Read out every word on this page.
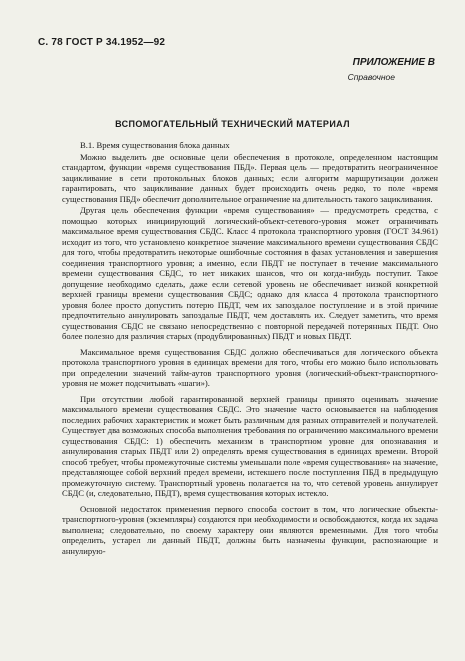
С. 78 ГОСТ Р 34.1952—92
ПРИЛОЖЕНИЕ В
Справочное
ВСПОМОГАТЕЛЬНЫЙ ТЕХНИЧЕСКИЙ МАТЕРИАЛ

В.1. Время существования блока данных

Можно выделить две основные цели обеспечения в протоколе, определенном настоящим стандартом, функции «время существования ПБД». Первая цель — предотвратить неограниченное зацикливание в сети протокольных блоков данных; если алгоритм маршрутизации должен гарантировать, что зацикливание данных будет происходить очень редко, то поле «время существования ПБД» обеспечит дополнительное ограничение на длительность такого зацикливания.

Другая цель обеспечения функции «время существования» — предусмотреть средства, с помощью которых инициирующий логический-объект-сетевого-уровня может ограничивать максимальное время существования СБДС. Класс 4 протокола транспортного уровня (ГОСТ 34.961) исходит из того, что установлено конкретное значение максимального времени существования СБДС для того, чтобы предотвратить некоторые ошибочные состояния в фазах установления и завершения соединения транспортного уровня; а именно, если ПБДТ не поступает в течение максимального времени существования СБДС, то нет никаких шансов, что он когда-нибудь поступит. Такое допущение необходимо сделать, даже если сетевой уровень не обеспечивает низкой конкретной верхней границы времени существования СБДС; однако для класса 4 протокола транспортного уровня более просто допустить потерю ПБДТ, чем их запоздалое поступление и в этой причине предпочтительно аннулировать запоздалые ПБДТ, чем доставлять их. Следует заметить, что время существования СБДС не связано непосредственно с повторной передачей потерянных ПБДТ. Оно более полезно для различия старых (продублированных) ПБДТ и новых ПБДТ.

Максимальное время существования СБДС должно обеспечиваться для логического объекта протокола транспортного уровня в единицах времени для того, чтобы его можно было использовать при определении значений тайм-аутов транспортного уровня (логический-объект-транспортного-уровня не может подсчитывать «шаги»).

При отсутствии любой гарантированной верхней границы принято оценивать значение максимального времени существования СБДС. Это значение часто основывается на наблюдения последних рабочих характеристик и может быть различным для разных отправителей и получателей. Существует два возможных способа выполнения требования по ограничению максимального времени существования СБДС: 1) обеспечить механизм в транспортном уровне для опознавания и аннулирования старых ПБДТ или 2) определять время существования в единицах времени. Второй способ требует, чтобы промежуточные системы уменьшали поле «время существования» на значение, представляющее собой верхний предел времени, истекшего после поступления ПБД в предыдущую промежуточную систему. Транспортный уровень полагается на то, что сетевой уровень аннулирует СБДС (и, следовательно, ПБДТ), время существования которых истекло.

Основной недостаток применения первого способа состоит в том, что логические объекты-транспортного-уровня (экземпляры) создаются при необходимости и освобождаются, когда их задача выполнена; следовательно, по своему характеру они являются временными. Для того чтобы определить, устарел ли данный ПБДТ, должны быть назначены функции, распознающие и аннулирую-
